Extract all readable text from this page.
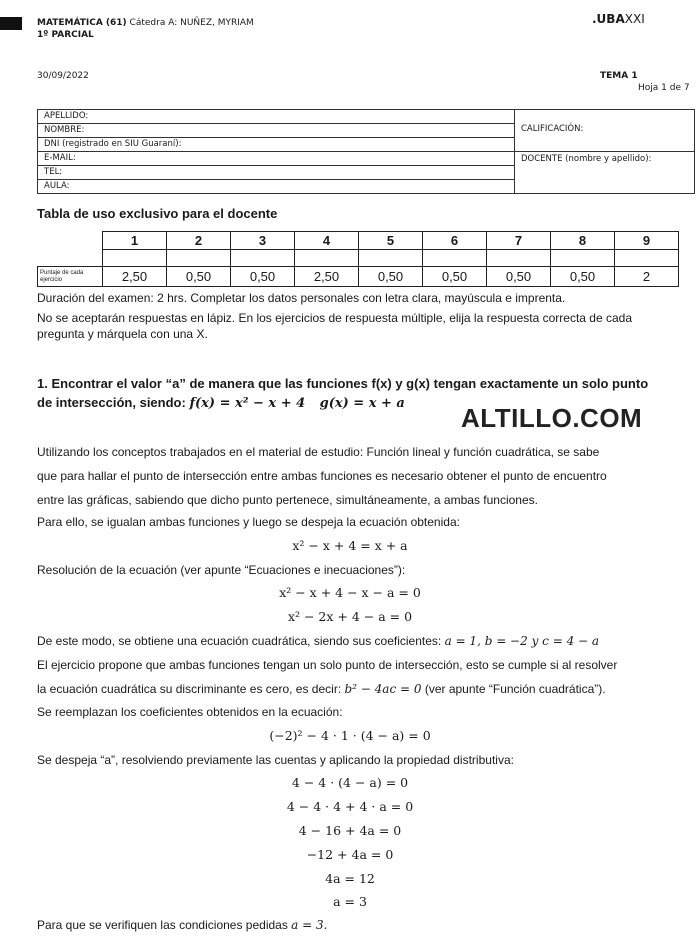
MATEMÁTICA (61) Cátedra A: NUÑEZ, MYRIAM
1º PARCIAL
.UBAXXI
30/09/2022	TEMA 1
Hoja 1 de 7
APELLIDO:
NOMBRE:
DNI (registrado en SIU Guaraní):
E-MAIL:
TEL:
AULA:
CALIFICACIÓN:
DOCENTE (nombre y apellido):
Tabla de uso exclusivo para el docente
	1	2	3	4	5	6	7	8	9

Puntaje de cada ejercicio	2,50	0,50	0,50	2,50	0,50	0,50	0,50	0,50	2
Duración del examen: 2 hrs. Completar los datos personales con letra clara, mayúscula e imprenta.
No se aceptarán respuestas en lápiz. En los ejercicios de respuesta múltiple, elija la respuesta correcta de cada
pregunta y márquela con una X.
1. Encontrar el valor “a” de manera que las funciones f(x) y g(x) tengan exactamente un solo punto
de intersección, siendo: f(x) = x² − x + 4 g(x) = x + a	ALTILLO.COM
Utilizando los conceptos trabajados en el material de estudio: Función lineal y función cuadrática, se sabe
que para hallar el punto de intersección entre ambas funciones es necesario obtener el punto de encuentro
entre las gráficas, sabiendo que dicho punto pertenece, simultáneamente, a ambas funciones.
Para ello, se igualan ambas funciones y luego se despeja la ecuación obtenida:
x² − x + 4 = x + a
Resolución de la ecuación (ver apunte “Ecuaciones e inecuaciones”):
x² − x + 4 − x − a = 0
x² − 2x + 4 − a = 0
De este modo, se obtiene una ecuación cuadrática, siendo sus coeficientes: a = 1, b = −2 y c = 4 − a
El ejercicio propone que ambas funciones tengan un solo punto de intersección, esto se cumple si al resolver
la ecuación cuadrática su discriminante es cero, es decir: b² − 4ac = 0 (ver apunte “Función cuadrática”).
Se reemplazan los coeficientes obtenidos en la ecuación:
(−2)² − 4 · 1 · (4 − a) = 0
Se despeja “a”, resolviendo previamente las cuentas y aplicando la propiedad distributiva:
4 − 4 · (4 − a) = 0
4 − 4 · 4 + 4 · a = 0
4 − 16 + 4a = 0
−12 + 4a = 0
4a = 12
a = 3
Para que se verifiquen las condiciones pedidas a = 3.
